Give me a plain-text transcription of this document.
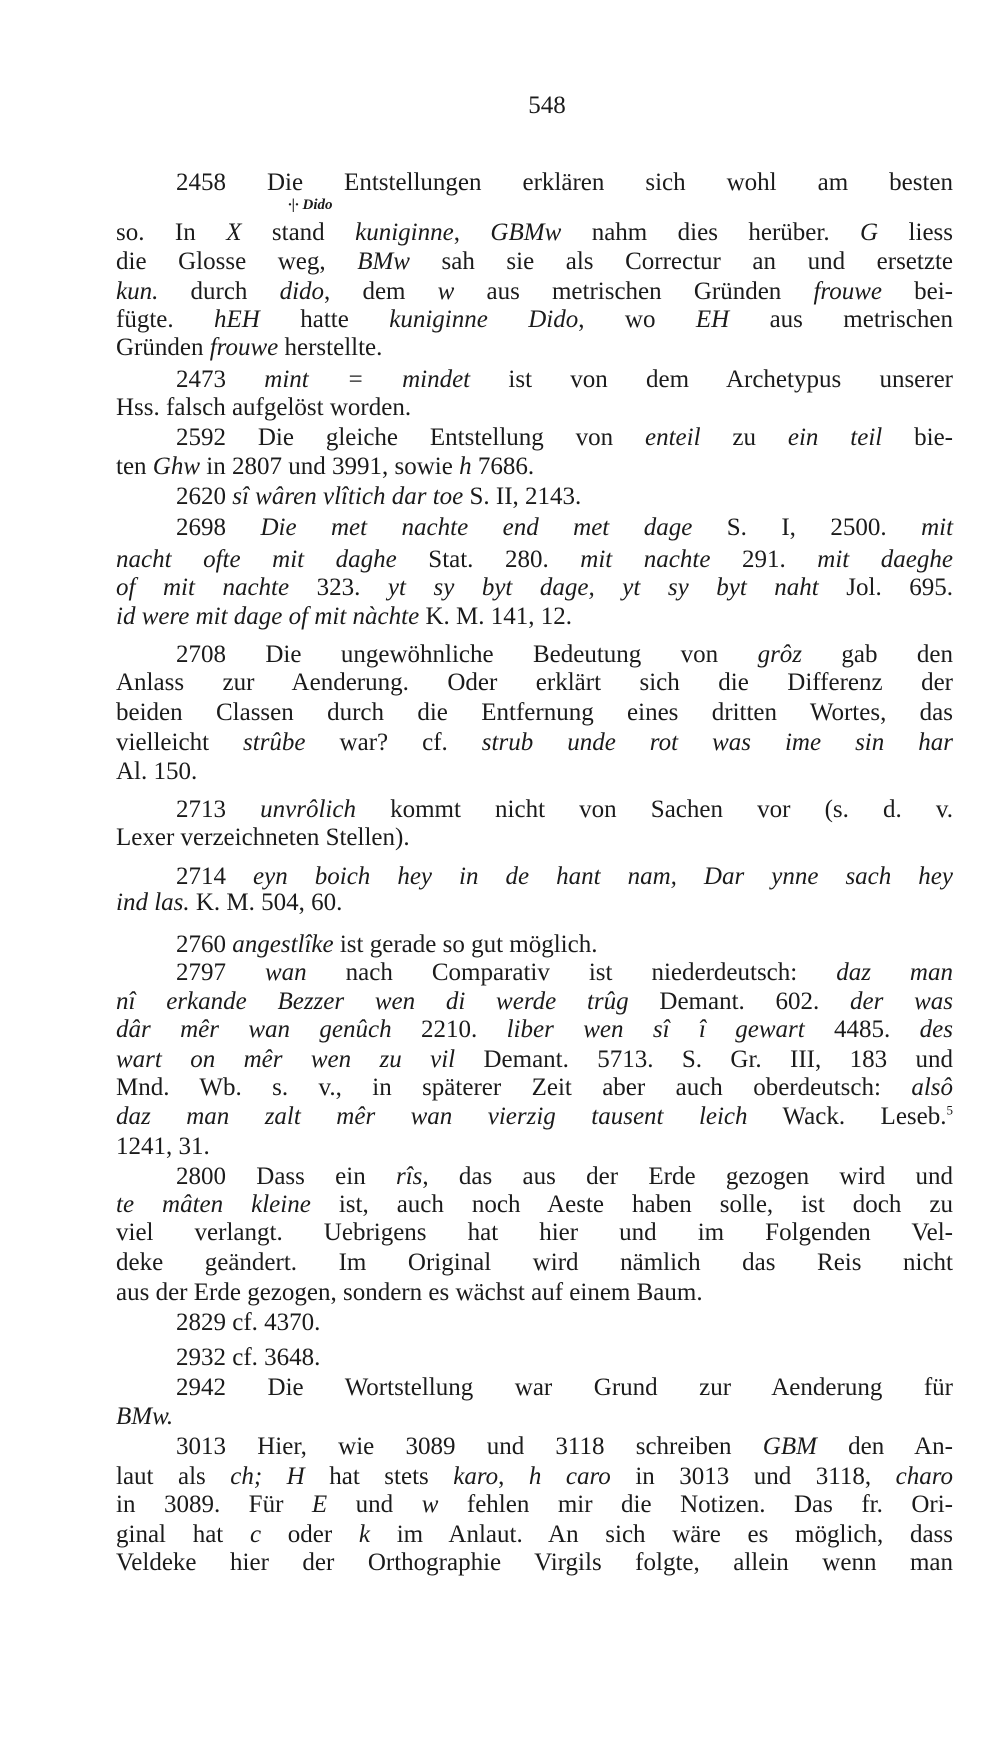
548
·|· Dido
2458 Die Entstellungen erklären sich wohl am besten
so. In X stand kuniginne, GBMw nahm dies herüber. G liess
die Glosse weg, BMw sah sie als Correctur an und ersetzte
kun. durch dido, dem w aus metrischen Gründen frouwe bei-
fügte. hEH hatte kuniginne Dido, wo EH aus metrischen
Gründen frouwe herstellte.
2473 mint = mindet ist von dem Archetypus unserer
Hss. falsch aufgelöst worden.
2592 Die gleiche Entstellung von enteil zu ein teil bie-
ten Ghw in 2807 und 3991, sowie h 7686.
2620 sî wâren vlîtich dar toe S. II, 2143.
2698 Die met nachte end met dage S. I, 2500. mit
nacht ofte mit daghe Stat. 280. mit nachte 291. mit daeghe
of mit nachte 323. yt sy byt dage, yt sy byt naht Jol. 695.
id were mit dage of mit nàchte K. M. 141, 12.
2708 Die ungewöhnliche Bedeutung von grôz gab den
Anlass zur Aenderung. Oder erklärt sich die Differenz der
beiden Classen durch die Entfernung eines dritten Wortes, das
vielleicht strûbe war? cf. strub unde rot was ime sin har
Al. 150.
2713 unvrôlich kommt nicht von Sachen vor (s. d. v.
Lexer verzeichneten Stellen).
2714 eyn boich hey in de hant nam, Dar ynne sach hey
ind las. K. M. 504, 60.
2760 angestlîke ist gerade so gut möglich.
2797 wan nach Comparativ ist niederdeutsch: daz man
nî erkande Bezzer wen di werde trûg Demant. 602. der was
dâr mêr wan genûch 2210. liber wen sî î gewart 4485. des
wart on mêr wen zu vil Demant. 5713. S. Gr. III, 183 und
Mnd. Wb. s. v., in späterer Zeit aber auch oberdeutsch: alsô
daz man zalt mêr wan vierzig tausent leich Wack. Leseb.$^5$
1241, 31.
2800 Dass ein rîs, das aus der Erde gezogen wird und
te mâten kleine ist, auch noch Aeste haben solle, ist doch zu
viel verlangt. Uebrigens hat hier und im Folgenden Vel-
deke geändert. Im Original wird nämlich das Reis nicht
aus der Erde gezogen, sondern es wächst auf einem Baum.
2829 cf. 4370.
2932 cf. 3648.
2942 Die Wortstellung war Grund zur Aenderung für
BMw.
3013 Hier, wie 3089 und 3118 schreiben GBM den An-
laut als ch; H hat stets karo, h caro in 3013 und 3118, charo
in 3089. Für E und w fehlen mir die Notizen. Das fr. Ori-
ginal hat c oder k im Anlaut. An sich wäre es möglich, dass
Veldeke hier der Orthographie Virgils folgte, allein wenn man
